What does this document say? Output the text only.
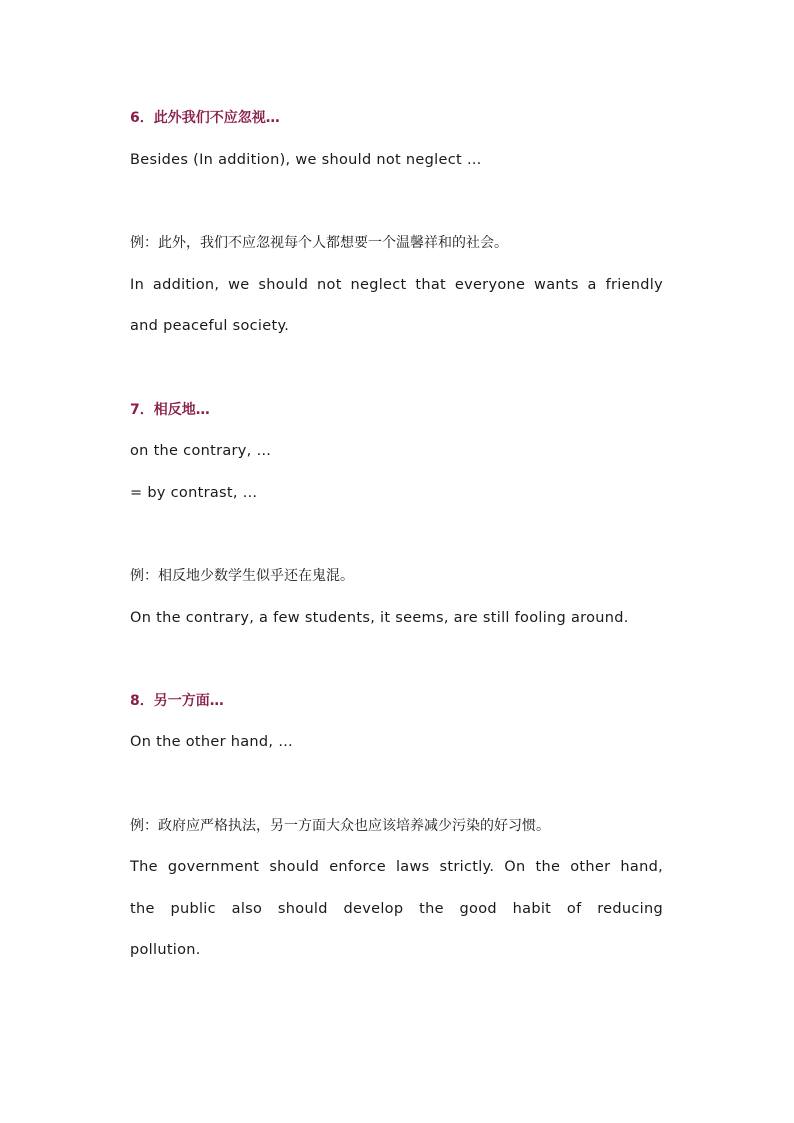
6．此外我们不应忽视…
Besides (In addition), we should not neglect …
例：此外，我们不应忽视每个人都想要一个温馨祥和的社会。
In addition, we should not neglect that everyone wants a friendly
and peaceful society.
7．相反地…
on the contrary, …
= by contrast, …
例：相反地少数学生似乎还在鬼混。
On the contrary, a few students, it seems, are still fooling around.
8．另一方面…
On the other hand, …
例：政府应严格执法，另一方面大众也应该培养减少污染的好习惯。
The government should enforce laws strictly. On the other hand,
the public also should develop the good habit of reducing
pollution.
